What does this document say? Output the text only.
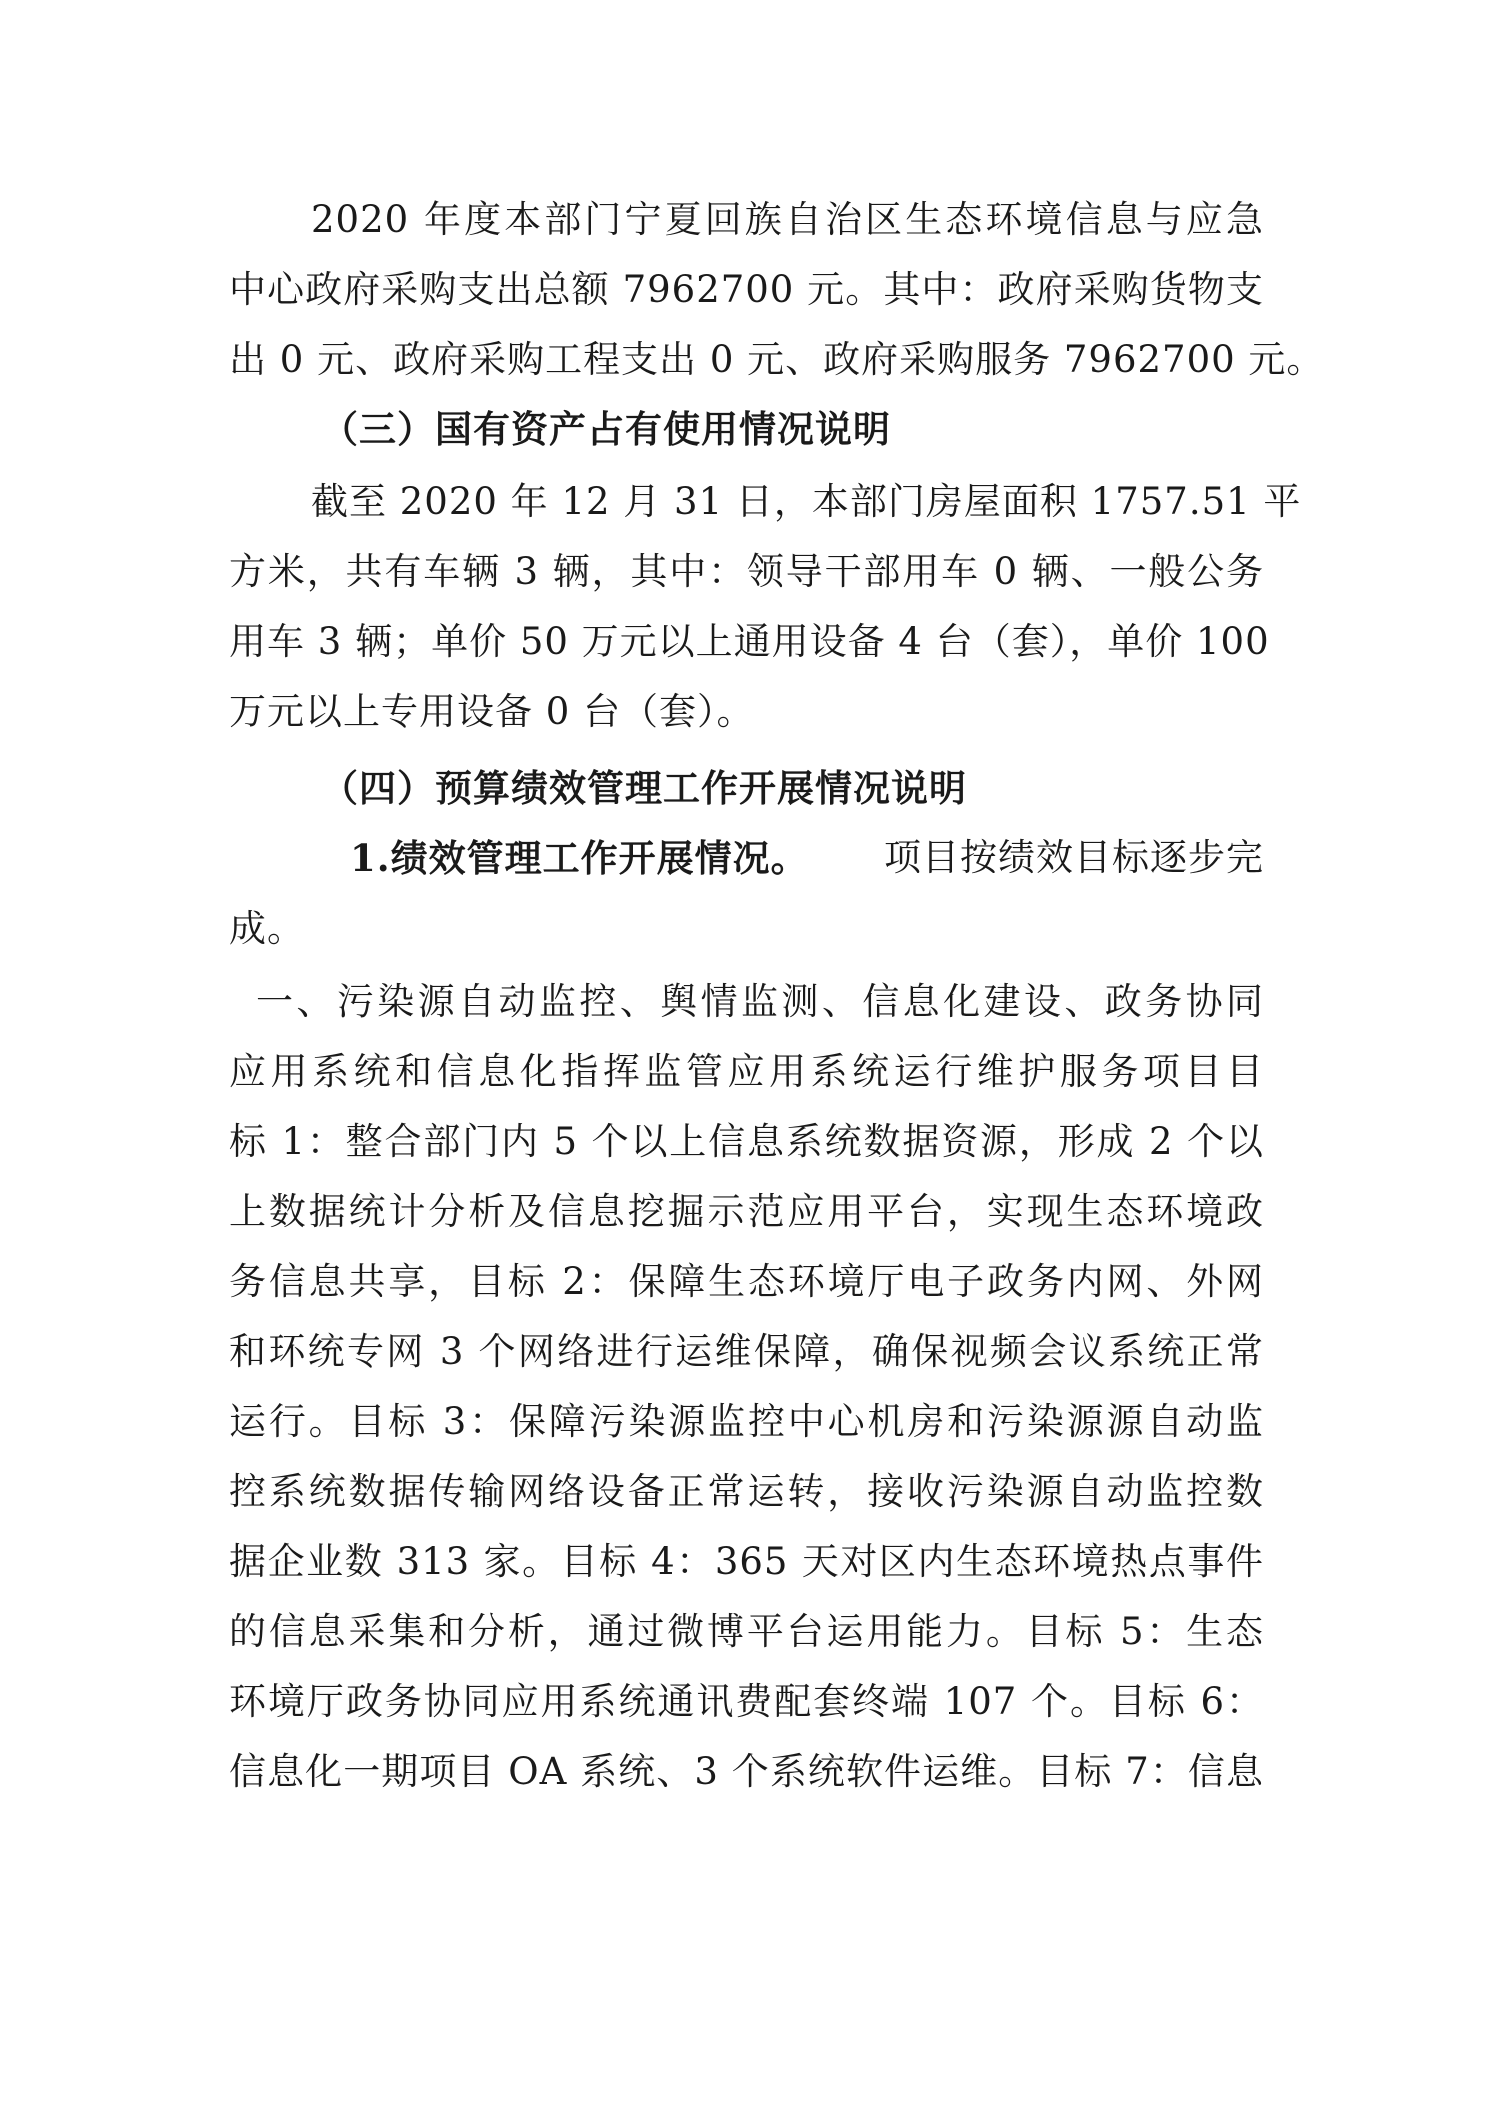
2020 年度本部门宁夏回族自治区生态环境信息与应急
中心政府采购支出总额 7962700 元。其中：政府采购货物支
出 0 元、政府采购工程支出 0 元、政府采购服务 7962700 元。
（三）国有资产占有使用情况说明
截至 2020 年 12 月 31 日，本部门房屋面积 1757.51 平
方米，共有车辆 3 辆，其中：领导干部用车 0 辆、一般公务
用车 3 辆；单价 50 万元以上通用设备 4 台（套），单价 100
万元以上专用设备 0 台（套）。
（四）预算绩效管理工作开展情况说明
1.绩效管理工作开展情况。 项目按绩效目标逐步完
成。
一、污染源自动监控、舆情监测、信息化建设、政务协同
应用系统和信息化指挥监管应用系统运行维护服务项目目
标 1：整合部门内 5 个以上信息系统数据资源，形成 2 个以
上数据统计分析及信息挖掘示范应用平台，实现生态环境政
务信息共享，目标 2：保障生态环境厅电子政务内网、外网
和环统专网 3 个网络进行运维保障，确保视频会议系统正常
运行。目标 3：保障污染源监控中心机房和污染源源自动监
控系统数据传输网络设备正常运转，接收污染源自动监控数
据企业数 313 家。目标 4：365 天对区内生态环境热点事件
的信息采集和分析，通过微博平台运用能力。目标 5：生态
环境厅政务协同应用系统通讯费配套终端 107 个。目标 6：
信息化一期项目 OA 系统、3 个系统软件运维。目标 7：信息
